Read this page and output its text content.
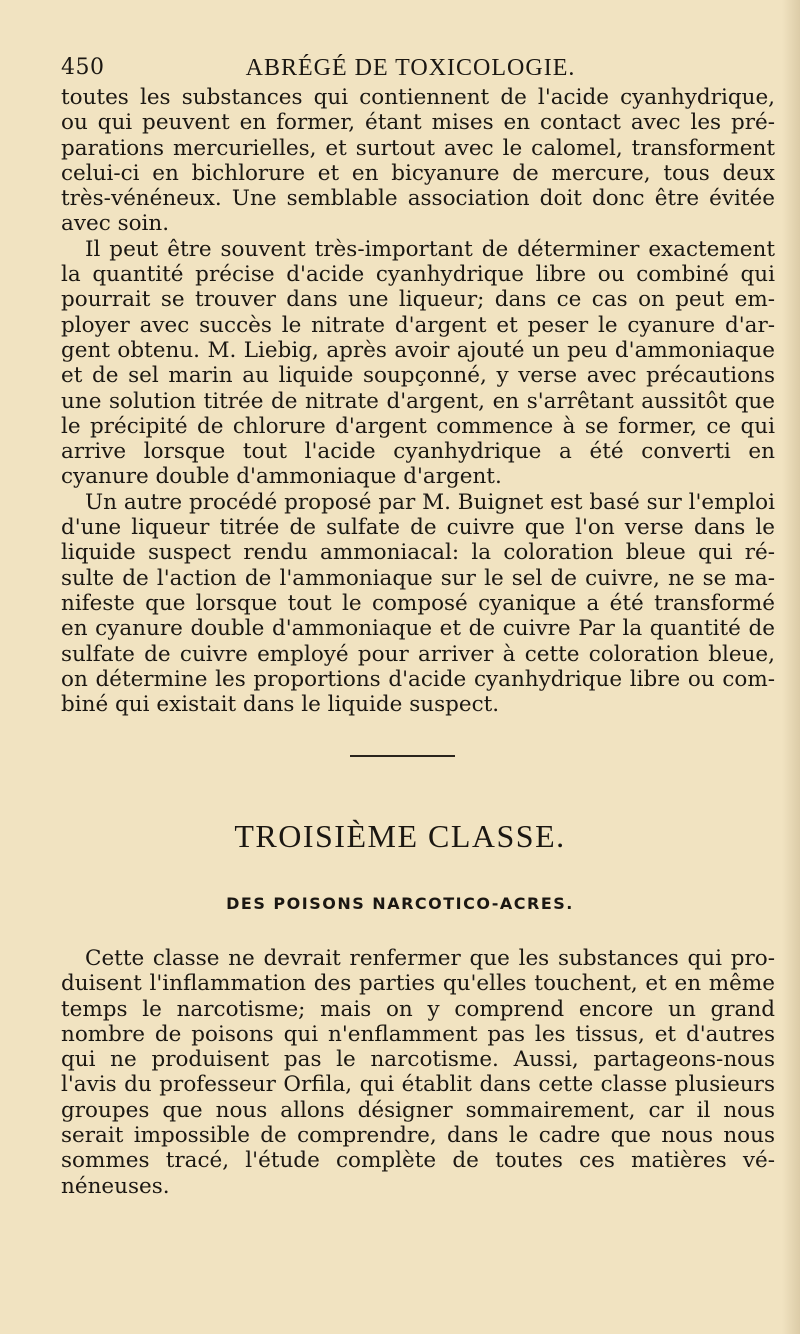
450	ABRÉGÉ DE TOXICOLOGIE.

toutes les substances qui contiennent de l'acide cyanhydrique, ou qui peuvent en former, étant mises en contact avec les pré-parations mercurielles, et surtout avec le calomel, transforment celui-ci en bichlorure et en bicyanure de mercure, tous deux très-vénéneux. Une semblable association doit donc être évitée avec soin.

Il peut être souvent très-important de déterminer exactement la quantité précise d'acide cyanhydrique libre ou combiné qui pourrait se trouver dans une liqueur; dans ce cas on peut em-ployer avec succès le nitrate d'argent et peser le cyanure d'ar-gent obtenu. M. Liebig, après avoir ajouté un peu d'ammoniaque et de sel marin au liquide soupçonné, y verse avec précautions une solution titrée de nitrate d'argent, en s'arrêtant aussitôt que le précipité de chlorure d'argent commence à se former, ce qui arrive lorsque tout l'acide cyanhydrique a été converti en cyanure double d'ammoniaque d'argent.

Un autre procédé proposé par M. Buignet est basé sur l'emploi d'une liqueur titrée de sulfate de cuivre que l'on verse dans le liquide suspect rendu ammoniacal: la coloration bleue qui ré-sulte de l'action de l'ammoniaque sur le sel de cuivre, ne se ma-nifeste que lorsque tout le composé cyanique a été transformé en cyanure double d'ammoniaque et de cuivre Par la quantité de sulfate de cuivre employé pour arriver à cette coloration bleue, on détermine les proportions d'acide cyanhydrique libre ou com-biné qui existait dans le liquide suspect.

TROISIÈME CLASSE.
DES POISONS NARCOTICO-ACRES.

Cette classe ne devrait renfermer que les substances qui pro-duisent l'inflammation des parties qu'elles touchent, et en même temps le narcotisme; mais on y comprend encore un grand nombre de poisons qui n'enflamment pas les tissus, et d'autres qui ne produisent pas le narcotisme. Aussi, partageons-nous l'avis du professeur Orfila, qui établit dans cette classe plusieurs groupes que nous allons désigner sommairement, car il nous serait impossible de comprendre, dans le cadre que nous nous sommes tracé, l'étude complète de toutes ces matières vé-néneuses.
